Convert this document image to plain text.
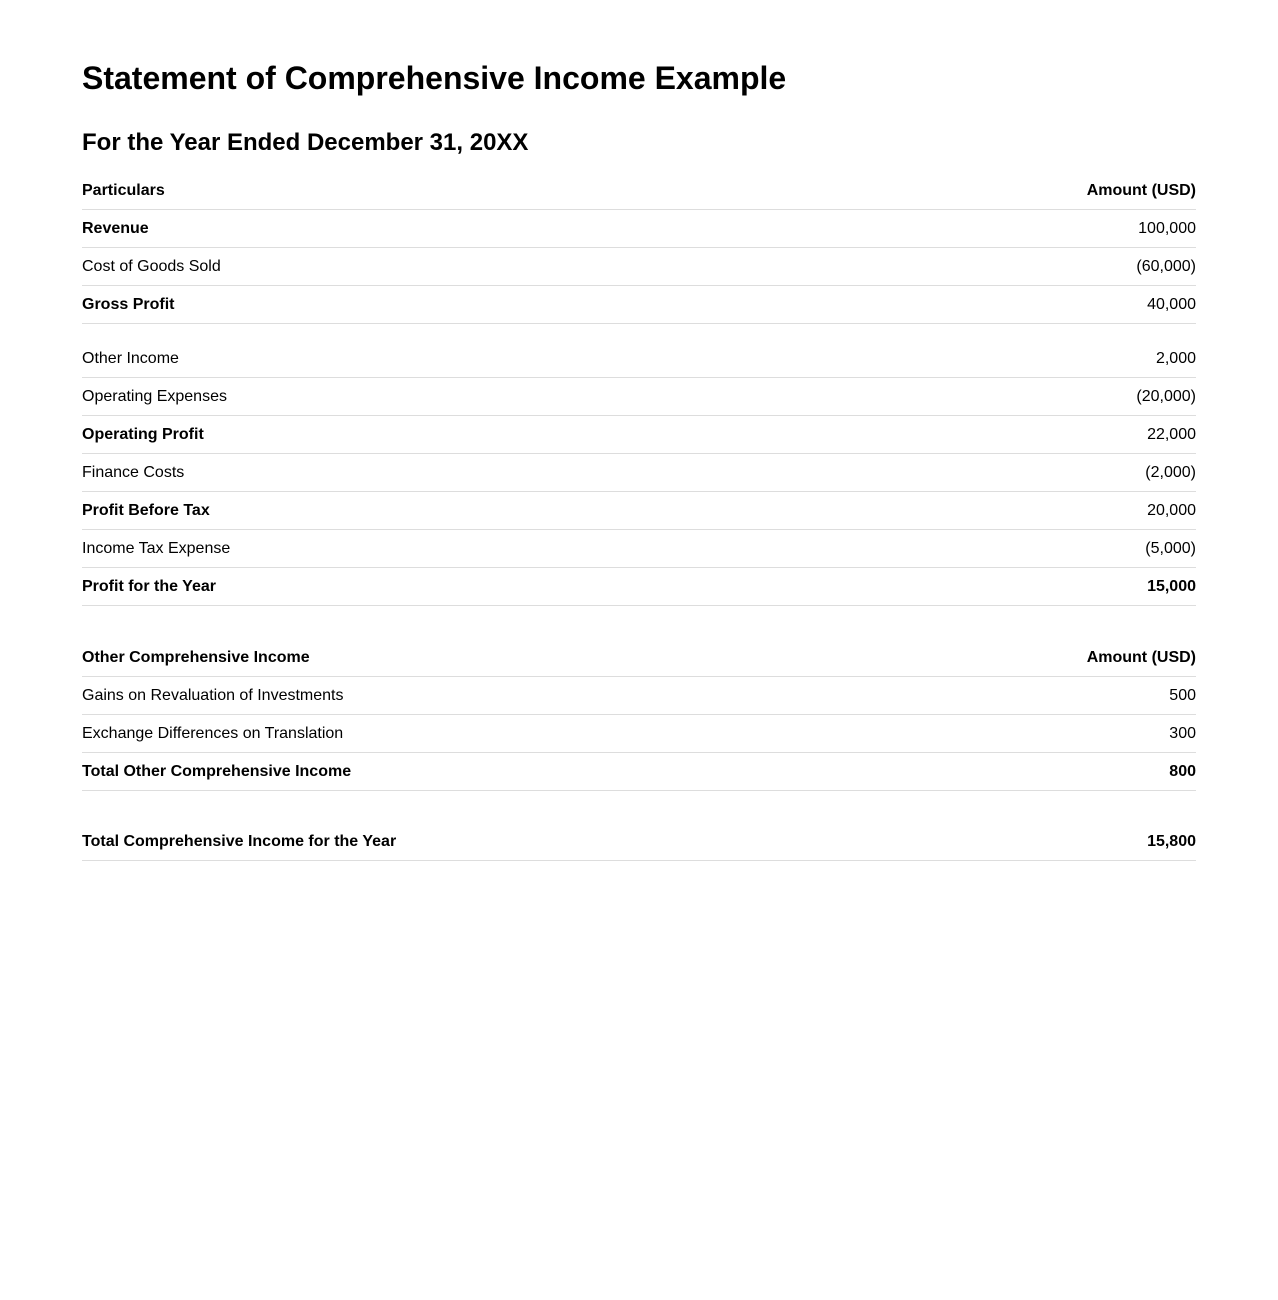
Statement of Comprehensive Income Example
For the Year Ended December 31, 20XX
Particulars	Amount (USD)
Revenue	100,000
Cost of Goods Sold	(60,000)
Gross Profit	40,000

Other Income	2,000
Operating Expenses	(20,000)
Operating Profit	22,000
Finance Costs	(2,000)
Profit Before Tax	20,000
Income Tax Expense	(5,000)
Profit for the Year	15,000
Other Comprehensive Income	Amount (USD)
Gains on Revaluation of Investments	500
Exchange Differences on Translation	300
Total Other Comprehensive Income	800
Total Comprehensive Income for the Year	15,800
